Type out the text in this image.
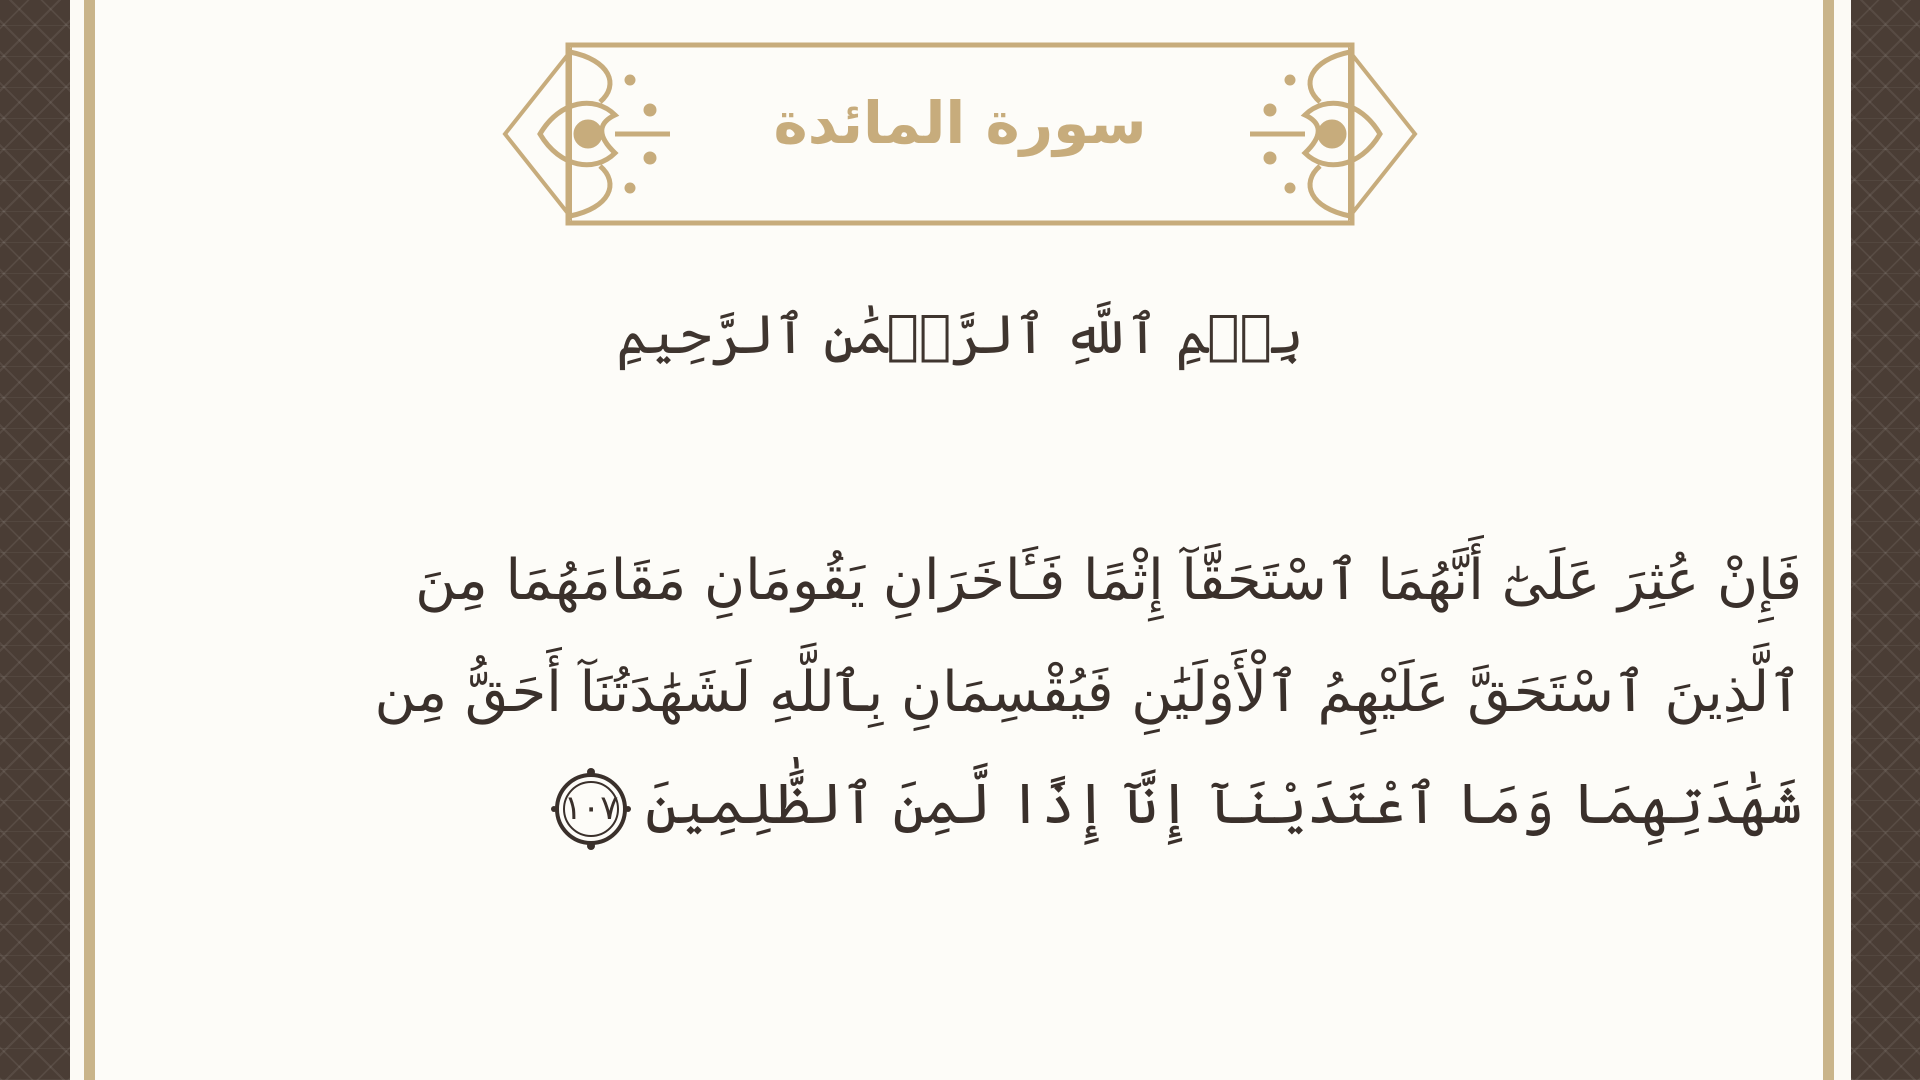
سورة المائدة
بِسۡمِ ٱللَّهِ ٱلرَّحۡمَٰنِ ٱلرَّحِيمِ
فَإِنْ عُثِرَ عَلَىٰٓ أَنَّهُمَا ٱسْتَحَقَّآ إِثْمًا فَـَٔاخَرَانِ يَقُومَانِ مَقَامَهُمَا مِنَ
ٱلَّذِينَ ٱسْتَحَقَّ عَلَيْهِمُ ٱلْأَوْلَيَٰنِ فَيُقْسِمَانِ بِٱللَّهِ لَشَهَٰدَتُنَآ أَحَقُّ مِن
شَهَٰدَتِهِمَا وَمَا ٱعْتَدَيْنَآ إِنَّآ إِذًا لَّمِنَ ٱلظَّٰلِمِينَ
١٠٧
